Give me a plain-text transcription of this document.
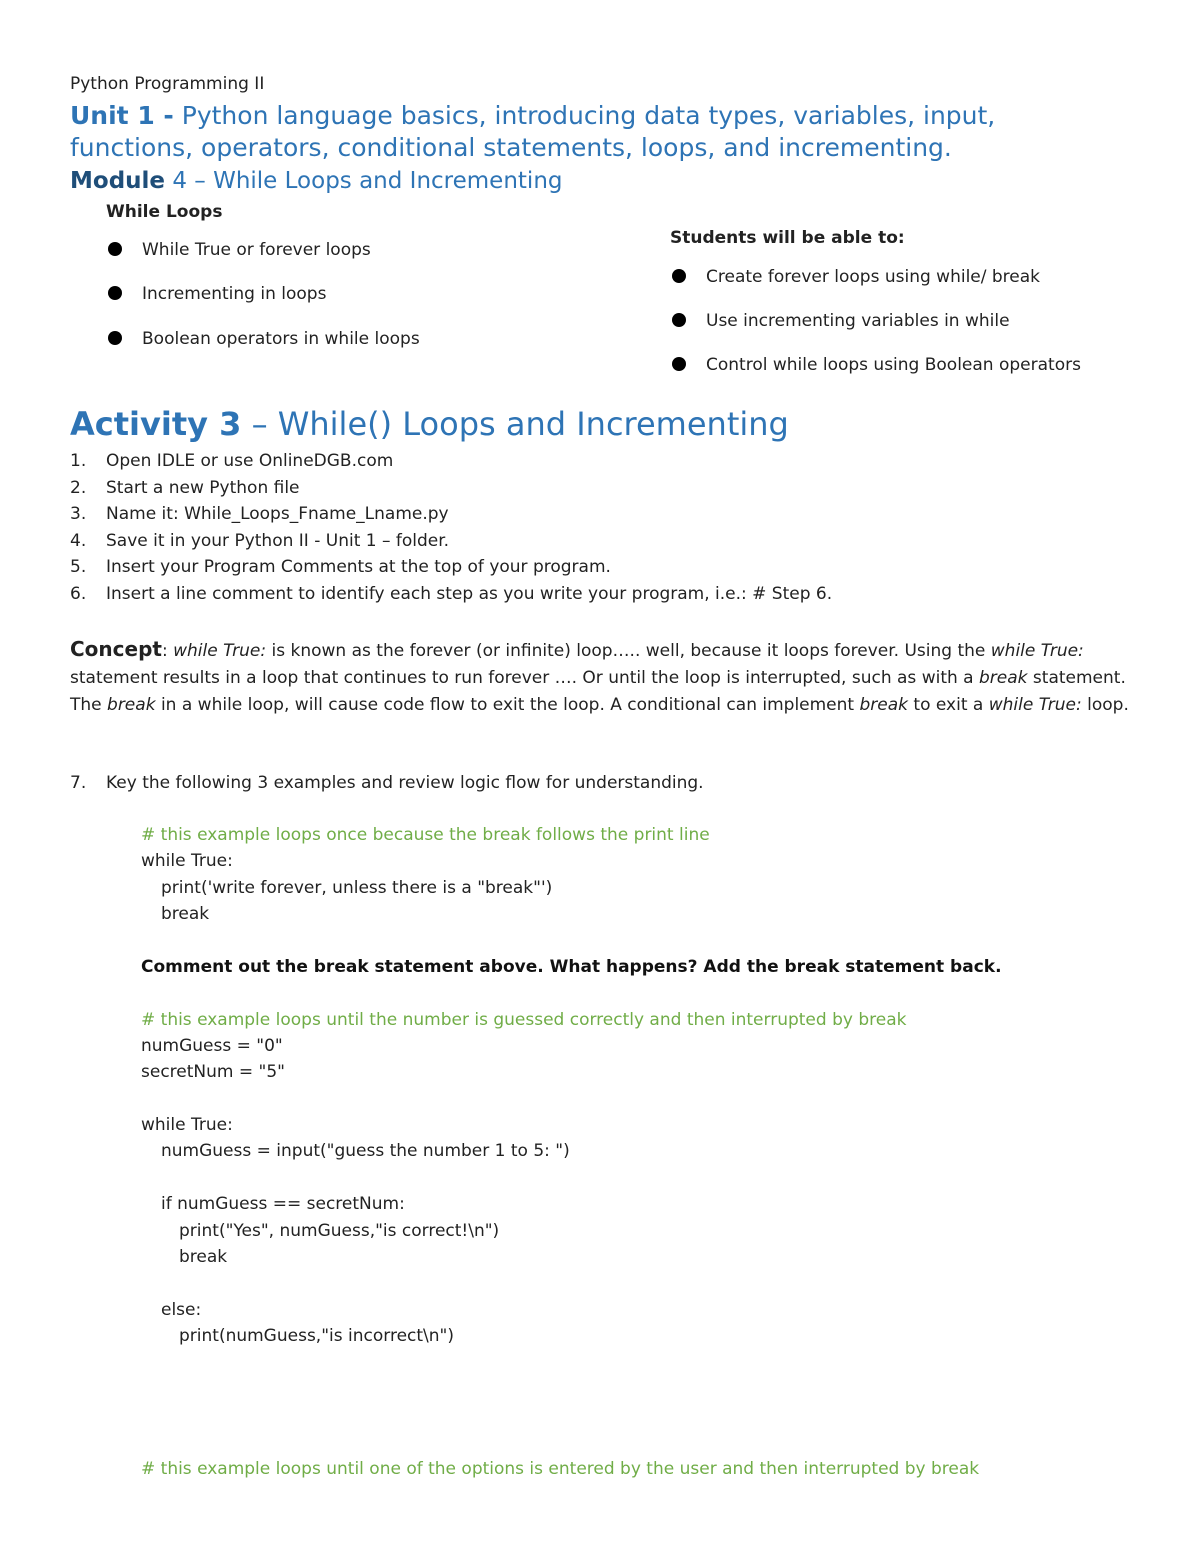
Python Programming II
Unit 1 - Python language basics, introducing data types, variables, input,
functions, operators, conditional statements, loops, and incrementing.
Module 4 – While Loops and Incrementing
While Loops
While True or forever loops
Incrementing in loops
Boolean operators in while loops
Students will be able to:
Create forever loops using while/ break
Use incrementing variables in while
Control while loops using Boolean operators
Activity 3 – While() Loops and Incrementing
1. Open IDLE or use OnlineDGB.com
2. Start a new Python file
3. Name it: While_Loops_Fname_Lname.py
4. Save it in your Python II - Unit 1 – folder.
5. Insert your Program Comments at the top of your program.
6. Insert a line comment to identify each step as you write your program, i.e.: # Step 6.
Concept: while True: is known as the forever (or infinite) loop….. well, because it loops forever. Using the while True: statement results in a loop that continues to run forever …. Or until the loop is interrupted, such as with a break statement. The break in a while loop, will cause code flow to exit the loop. A conditional can implement break to exit a while True: loop.
7. Key the following 3 examples and review logic flow for understanding.
# this example loops once because the break follows the print line
while True:
print('write forever, unless there is a "break"')
break
Comment out the break statement above. What happens? Add the break statement back.
# this example loops until the number is guessed correctly and then interrupted by break
numGuess = "0"
secretNum = "5"
while True:
numGuess = input("guess the number 1 to 5: ")
if numGuess == secretNum:
print("Yes", numGuess,"is correct!\n")
break
else:
print(numGuess,"is incorrect\n")
# this example loops until one of the options is entered by the user and then interrupted by break
